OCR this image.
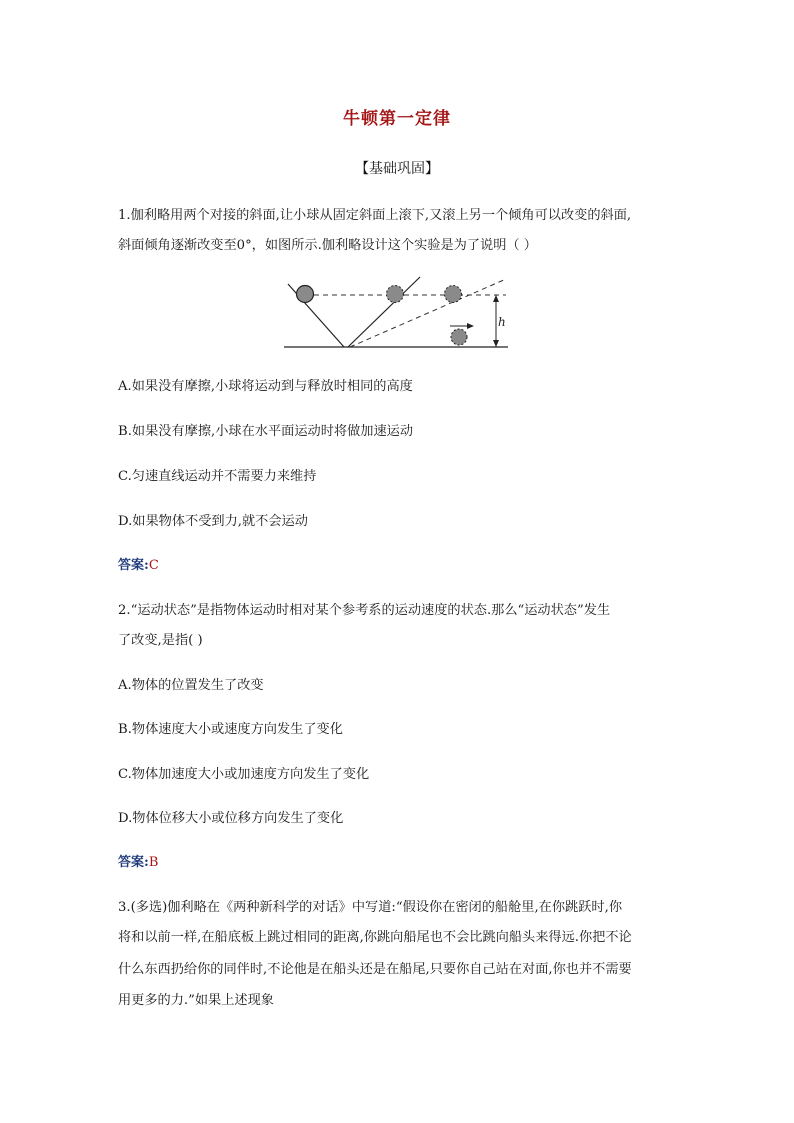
牛顿第一定律
【基础巩固】
1.伽利略用两个对接的斜面,让小球从固定斜面上滚下,又滚上另一个倾角可以改变的斜面,
斜面倾角逐渐改变至0°，如图所示.伽利略设计这个实验是为了说明（ ）
h
A.如果没有摩擦,小球将运动到与释放时相同的高度
B.如果没有摩擦,小球在水平面运动时将做加速运动
C.匀速直线运动并不需要力来维持
D.如果物体不受到力,就不会运动
答案:C
2.“运动状态”是指物体运动时相对某个参考系的运动速度的状态.那么“运动状态”发生
了改变,是指( )
A.物体的位置发生了改变
B.物体速度大小或速度方向发生了变化
C.物体加速度大小或加速度方向发生了变化
D.物体位移大小或位移方向发生了变化
答案:B
3.(多选)伽利略在《两种新科学的对话》中写道:“假设你在密闭的船舱里,在你跳跃时,你
将和以前一样,在船底板上跳过相同的距离,你跳向船尾也不会比跳向船头来得远.你把不论
什么东西扔给你的同伴时,不论他是在船头还是在船尾,只要你自己站在对面,你也并不需要
用更多的力.”如果上述现象
